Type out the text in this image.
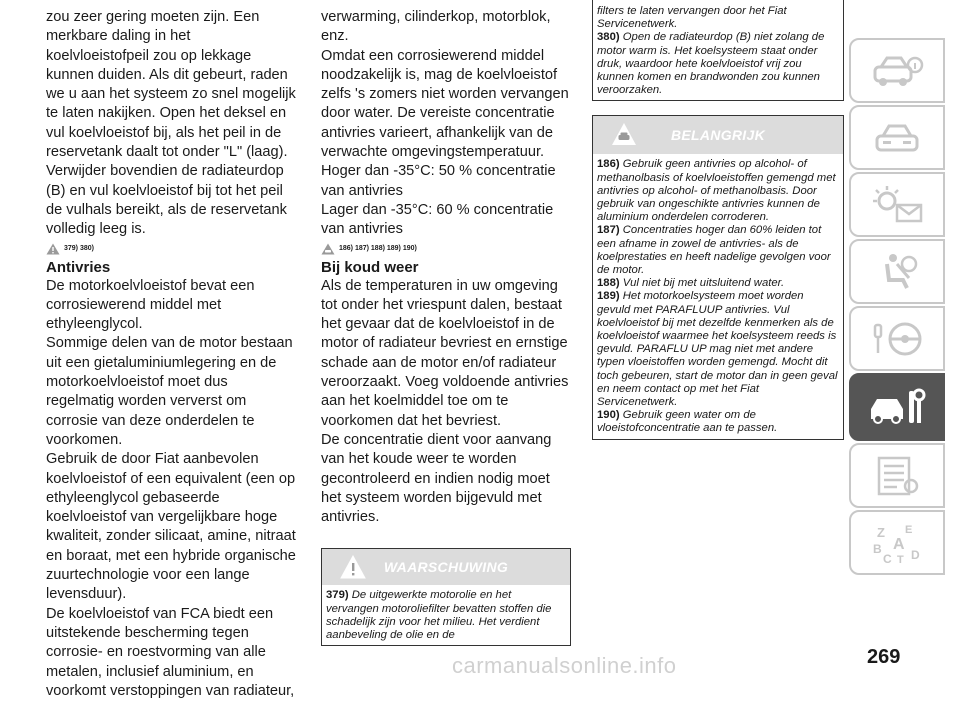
zou zeer gering moeten zijn. Een merkbare daling in het koelvloeistofpeil zou op lekkage kunnen duiden. Als dit gebeurt, raden we u aan het systeem zo snel mogelijk te laten nakijken. Open het deksel en vul koelvloeistof bij, als het peil in de reservetank daalt tot onder "L" (laag).

Verwijder bovendien de radiateurdop (B) en vul koelvloeistof bij tot het peil de vulhals bereikt, als de reservetank volledig leeg is.

379) 380)
Antivries

De motorkoelvloeistof bevat een corrosiewerend middel met ethyleenglycol.

Sommige delen van de motor bestaan uit een gietaluminiumlegering en de motorkoelvloeistof moet dus regelmatig worden ververst om corrosie van deze onderdelen te voorkomen.

Gebruik de door Fiat aanbevolen koelvloeistof of een equivalent (een op ethyleenglycol gebaseerde koelvloeistof van vergelijkbare hoge kwaliteit, zonder silicaat, amine, nitraat en boraat, met een hybride organische zuurtechnologie voor een lange levensduur).

De koelvloeistof van FCA biedt een uitstekende bescherming tegen corrosie- en roestvorming van alle metalen, inclusief aluminium, en voorkomt verstoppingen van radiateur,

verwarming, cilinderkop, motorblok, enz.

Omdat een corrosiewerend middel noodzakelijk is, mag de koelvloeistof zelfs 's zomers niet worden vervangen door water. De vereiste concentratie antivries varieert, afhankelijk van de verwachte omgevingstemperatuur.

Hoger dan -35°C: 50 % concentratie van antivries

Lager dan -35°C: 60 % concentratie van antivries

186) 187) 188) 189) 190)
Bij koud weer

Als de temperaturen in uw omgeving tot onder het vriespunt dalen, bestaat het gevaar dat de koelvloeistof in de motor of radiateur bevriest en ernstige schade aan de motor en/of radiateur veroorzaakt. Voeg voldoende antivries aan het koelmiddel toe om te voorkomen dat het bevriest.

De concentratie dient voor aanvang van het koude weer te worden gecontroleerd en indien nodig moet het systeem worden bijgevuld met antivries.

WAARSCHUWING

379) De uitgewerkte motorolie en het vervangen motoroliefilter bevatten stoffen die schadelijk zijn voor het milieu. Het verdient aanbeveling de olie en de

filters te laten vervangen door het Fiat Servicenetwerk.

380) Open de radiateurdop (B) niet zolang de motor warm is. Het koelsysteem staat onder druk, waardoor hete koelvloeistof vrij zou kunnen komen en brandwonden zou kunnen veroorzaken.

BELANGRIJK

186) Gebruik geen antivries op alcohol- of methanolbasis of koelvloeistoffen gemengd met antivries op alcohol- of methanolbasis. Door gebruik van ongeschikte antivries kunnen de aluminium onderdelen corroderen.

187) Concentraties hoger dan 60% leiden tot een afname in zowel de antivries- als de koelprestaties en heeft nadelige gevolgen voor de motor.

188) Vul niet bij met uitsluitend water.

189) Het motorkoelsysteem moet worden gevuld met PARAFLUUP antivries. Vul koelvloeistof bij met dezelfde kenmerken als de koelvloeistof waarmee het koelsysteem reeds is gevuld. PARAFLU UP mag niet met andere typen vloeistoffen worden gemengd. Mocht dit toch gebeuren, start de motor dan in geen geval en neem contact op met het Fiat Servicenetwerk.

190) Gebruik geen water om de vloeistofconcentratie aan te passen.

Z E
B A
C T D
carmanualsonline.info	269
